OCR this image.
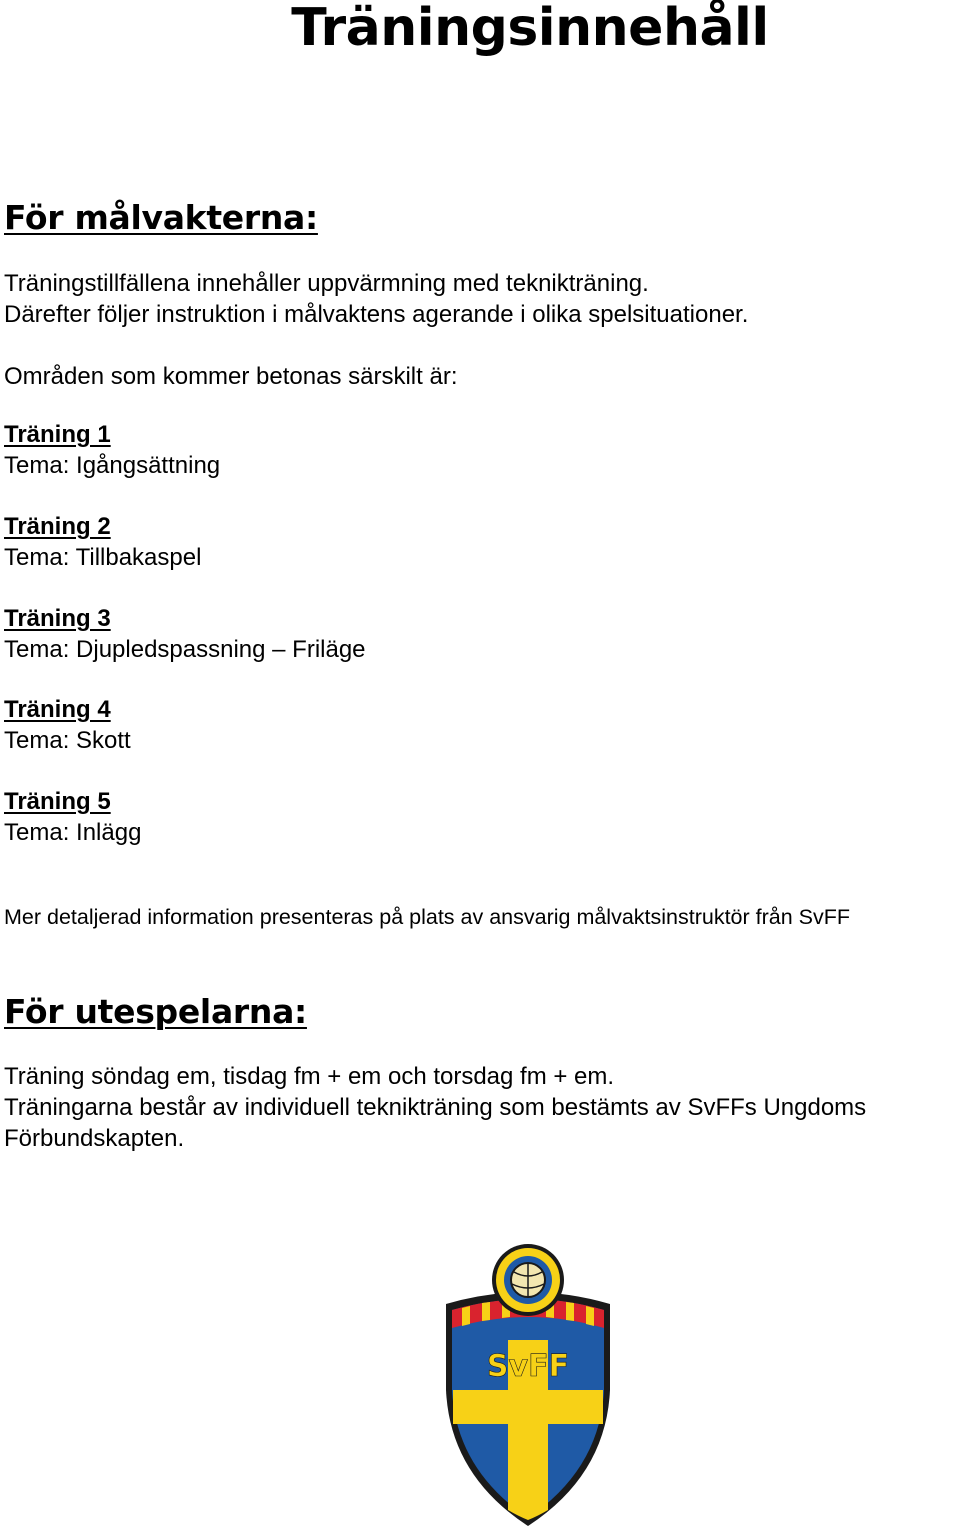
Träningsinnehåll
För målvakterna:

Träningstillfällena innehåller uppvärmning med teknikträning.
Därefter följer instruktion i målvaktens agerande i olika spelsituationer.

Områden som kommer betonas särskilt är:

Träning 1
Tema: Igångsättning
Träning 2
Tema: Tillbakaspel
Träning 3
Tema: Djupledspassning – Friläge
Träning 4
Tema: Skott
Träning 5
Tema: Inlägg

Mer detaljerad information presenteras på plats av ansvarig målvaktsinstruktör från SvFF

För utespelarna:

Träning söndag em, tisdag fm + em och torsdag fm + em.
Träningarna består av individuell teknikträning som bestämts av SvFFs Ungdoms
Förbundskapten.

SvFF
